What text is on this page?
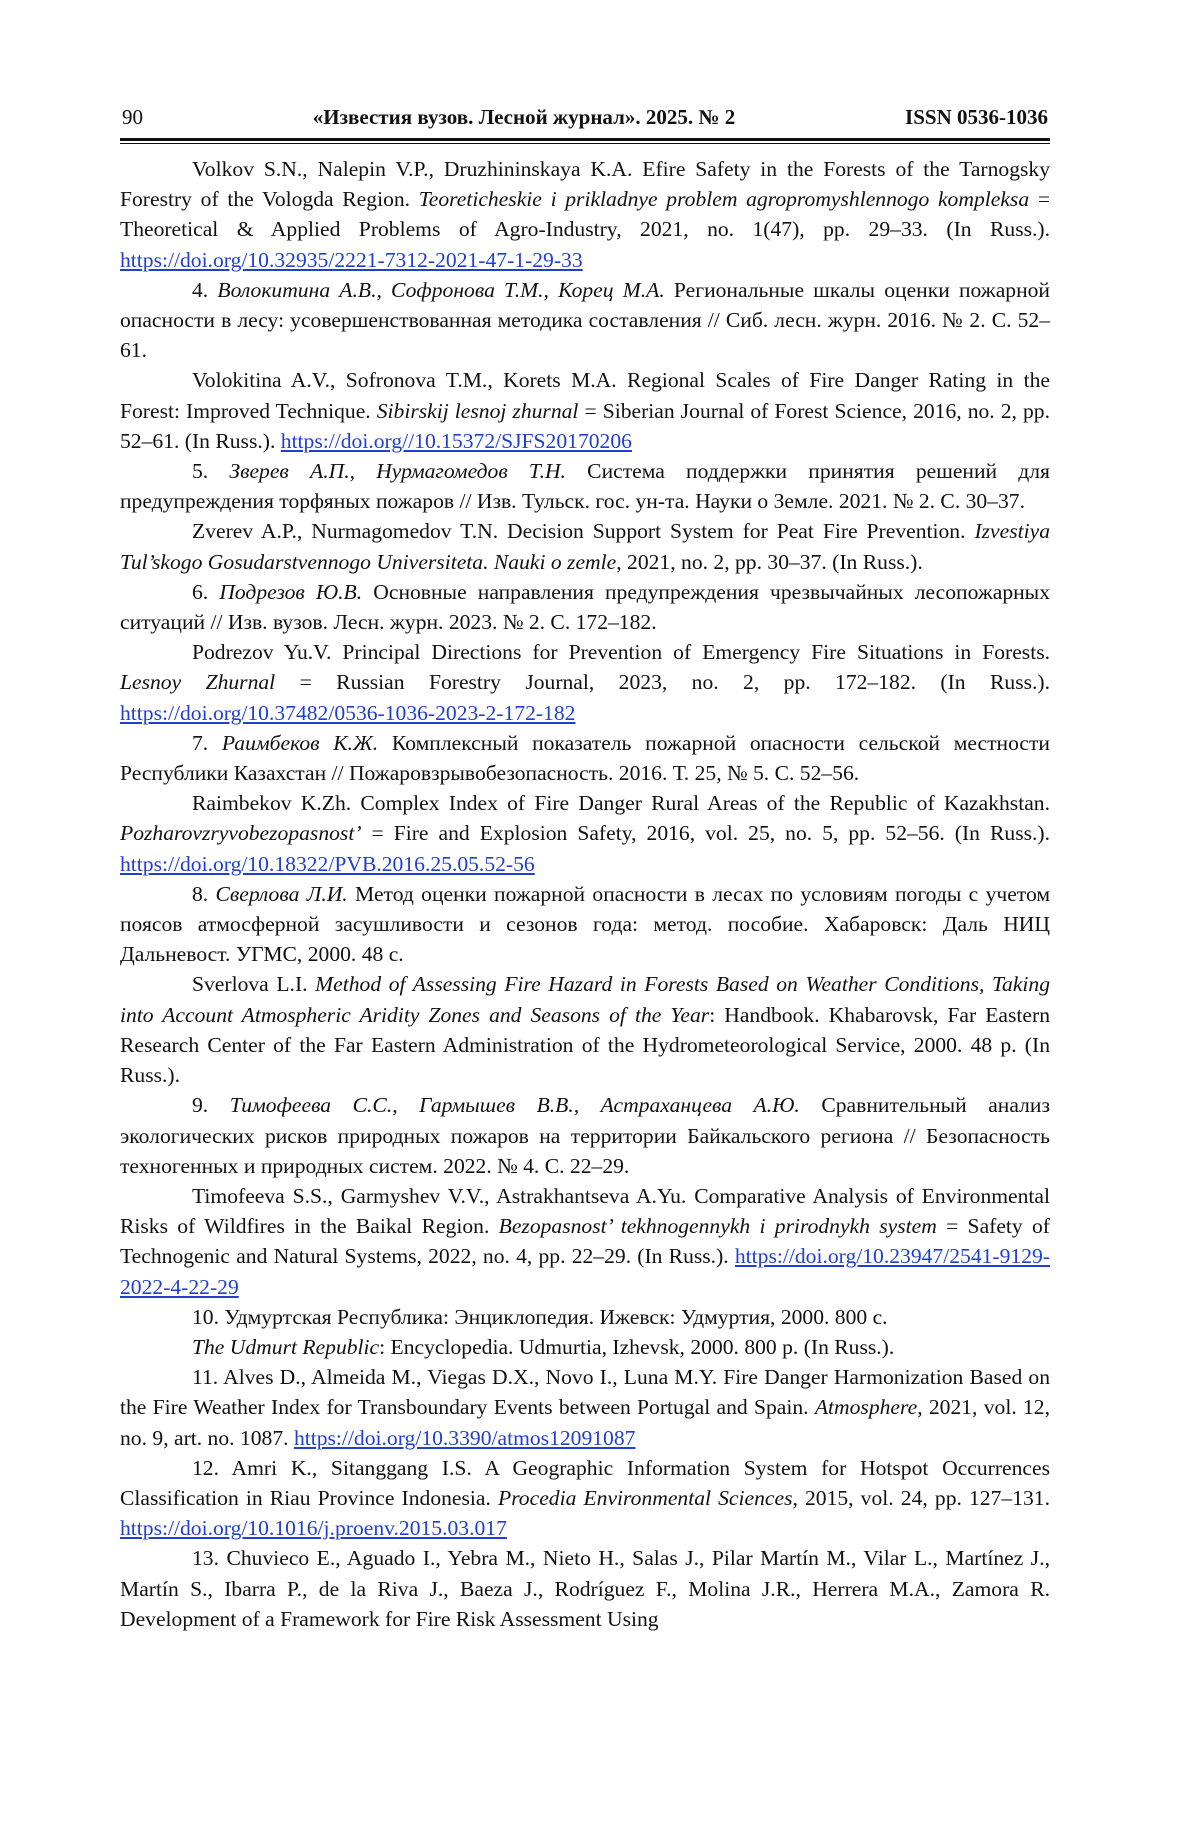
90	«Известия вузов. Лесной журнал». 2025. № 2	ISSN 0536-1036

Volkov S.N., Nalepin V.P., Druzhininskaya K.A. Efire Safety in the Forests of the Tarnogsky Forestry of the Vologda Region. Teoreticheskie i prikladnye problem agropromyshlennogo kompleksa = Theoretical & Applied Problems of Agro-Industry, 2021, no. 1(47), pp. 29–33. (In Russ.). https://doi.org/10.32935/2221-7312-2021-47-1-29-33

4. Волокитина А.В., Софронова Т.М., Корец М.А. Региональные шкалы оценки пожарной опасности в лесу: усовершенствованная методика составления // Сиб. лесн. журн. 2016. № 2. С. 52–61.

Volokitina A.V., Sofronova T.M., Korets M.A. Regional Scales of Fire Danger Rating in the Forest: Improved Technique. Sibirskij lesnoj zhurnal = Siberian Journal of Forest Science, 2016, no. 2, pp. 52–61. (In Russ.). https://doi.org//10.15372/SJFS20170206

5. Зверев А.П., Нурмагомедов Т.Н. Система поддержки принятия решений для предупреждения торфяных пожаров // Изв. Тульск. гос. ун-та. Науки о Земле. 2021. № 2. С. 30–37.

Zverev A.P., Nurmagomedov T.N. Decision Support System for Peat Fire Prevention. Izvestiya Tul’skogo Gosudarstvennogo Universiteta. Nauki o zemle, 2021, no. 2, pp. 30–37. (In Russ.).

6. Подрезов Ю.В. Основные направления предупреждения чрезвычайных лесопожарных ситуаций // Изв. вузов. Лесн. журн. 2023. № 2. С. 172–182.

Podrezov Yu.V. Principal Directions for Prevention of Emergency Fire Situations in Forests. Lesnoy Zhurnal = Russian Forestry Journal, 2023, no. 2, pp. 172–182. (In Russ.). https://doi.org/10.37482/0536-1036-2023-2-172-182

7. Раимбеков К.Ж. Комплексный показатель пожарной опасности сельской местности Республики Казахстан // Пожаровзрывобезопасность. 2016. Т. 25, № 5. С. 52–56.

Raimbekov K.Zh. Complex Index of Fire Danger Rural Areas of the Republic of Kazakhstan. Pozharovzryvobezopasnost’ = Fire and Explosion Safety, 2016, vol. 25, no. 5, pp. 52–56. (In Russ.). https://doi.org/10.18322/PVB.2016.25.05.52-56

8. Сверлова Л.И. Метод оценки пожарной опасности в лесах по условиям погоды с учетом поясов атмосферной засушливости и сезонов года: метод. пособие. Хабаровск: Даль НИЦ Дальневост. УГМС, 2000. 48 с.

Sverlova L.I. Method of Assessing Fire Hazard in Forests Based on Weather Conditions, Taking into Account Atmospheric Aridity Zones and Seasons of the Year: Handbook. Khabarovsk, Far Eastern Research Center of the Far Eastern Administration of the Hydrometeorological Service, 2000. 48 p. (In Russ.).

9. Тимофеева С.С., Гармышев В.В., Астраханцева А.Ю. Сравнительный анализ экологических рисков природных пожаров на территории Байкальского региона // Безопасность техногенных и природных систем. 2022. № 4. С. 22–29.

Timofeeva S.S., Garmyshev V.V., Astrakhantseva A.Yu. Comparative Analysis of Environmental Risks of Wildfires in the Baikal Region. Bezopasnost’ tekhnogennykh i prirodnykh system = Safety of Technogenic and Natural Systems, 2022, no. 4, pp. 22–29. (In Russ.). https://doi.org/10.23947/2541-9129-2022-4-22-29

10. Удмуртская Республика: Энциклопедия. Ижевск: Удмуртия, 2000. 800 с.

The Udmurt Republic: Encyclopedia. Udmurtia, Izhevsk, 2000. 800 p. (In Russ.).

11. Alves D., Almeida M., Viegas D.X., Novo I., Luna M.Y. Fire Danger Harmonization Based on the Fire Weather Index for Transboundary Events between Portugal and Spain. Atmosphere, 2021, vol. 12, no. 9, art. no. 1087. https://doi.org/10.3390/atmos12091087

12. Amri K., Sitanggang I.S. A Geographic Information System for Hotspot Occurrences Classification in Riau Province Indonesia. Procedia Environmental Sciences, 2015, vol. 24, pp. 127–131. https://doi.org/10.1016/j.proenv.2015.03.017

13. Chuvieco E., Aguado I., Yebra M., Nieto H., Salas J., Pilar Martín M., Vilar L., Martínez J., Martín S., Ibarra P., de la Riva J., Baeza J., Rodríguez F., Molina J.R., Herrera M.A., Zamora R. Development of a Framework for Fire Risk Assessment Using
